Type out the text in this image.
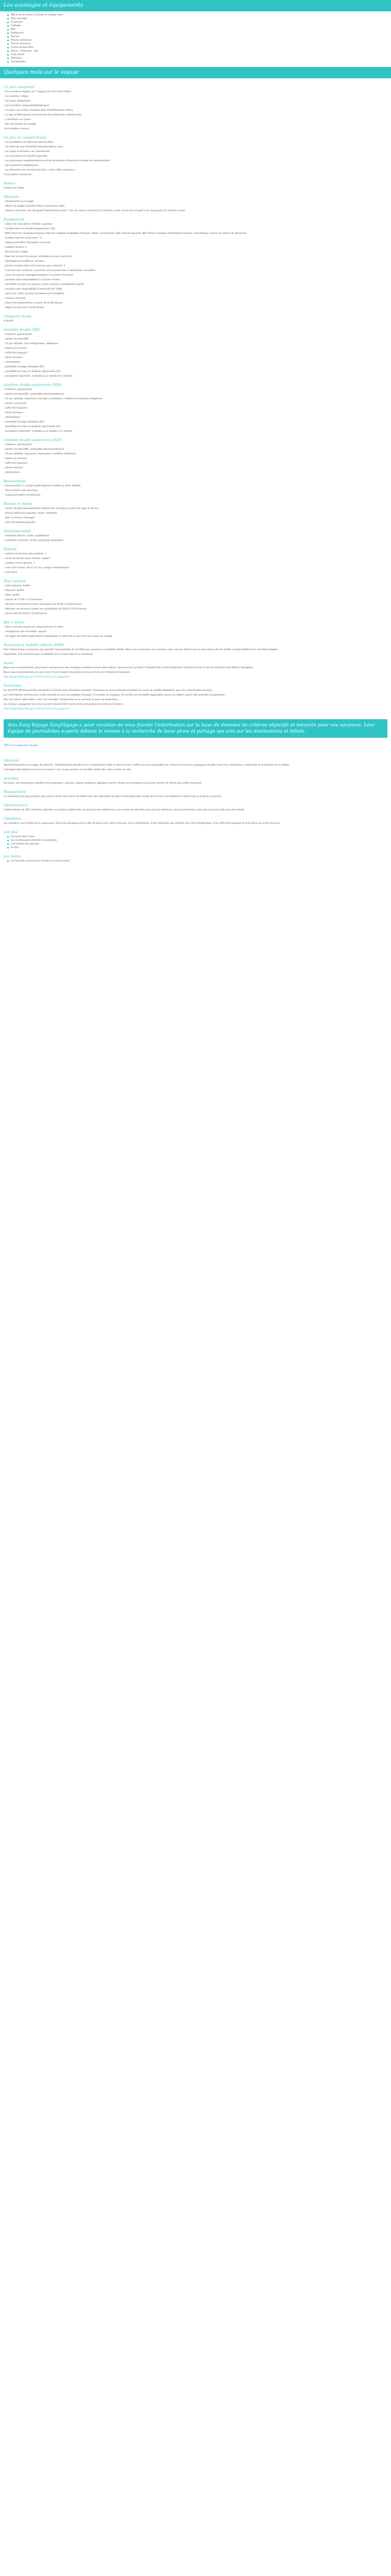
Les avantages et équipements
Wifi & Accès direct à l'Ocean et à Kéwe notel
Dans paysage
Cheminée
Coffrette
Wifi
Restaurant
Piscine
Piscine extérieure
Piscine intérieure
Centre de bien-être
Sauna - Hammam - Spa
Club enfant
Télévision
Climatisation
Quelques mots sur le voyage
Ce prix comprend

- Une humorne réagrée de 7 (hygyer pie entre bien tribel)

- La suelvidur / séjour

- Les taxes obligatoires

- Les transferts aéroport/hôtel/aéroport

- Le séjour de la demi-chambre dans l'établissement retenu

- La type d'hôtel garanti et la formule de restauration sélectionnée,

- L'assistance sur place

- Des documents de voyage

*and mobiles incluses

Ce prix ne comprend pas

- Les prestations et dépenses personnelles

- Les frais liés aux formalités (Identité délai & visa)

- Les repas et boissons non mentionnés

- Les excursions et activités payantes

- Les assurances supplémentaires et frais de location d'éventuel et taxes de consommation

- Les pourboires (obligatoires)

- Les éléments non mentionnés dans « notre offre comprend »

*and mobiles exclusives

Retour

Cadeau de l'hotel

Situation

- directement sur la plage

- affiche du plages et petits réseau communes sable

- distance (environ): de l'aéroport d'Iamaskanea (FUE) 7 km; du centre commercial 3 minutes à pied; de tor ami de golf 2 km; de Jeandia 15 minutes à pied.

Équipement

- nature de conceptions hôtelier: spacieux

- nombre total de chambres/logements: 462

- Wifi (internet): réceptions langues internet à zégales langagées (français, italien, reconnecté); wife internet (payant); WIFI (tous); boutique; distributeur bancaire; discothèque; bureau de remise de dénommé

- nombre total de restaurants : 2

- restaurant buffet / Reception / terrasse

- nombre de bars: 2

- Tarrasse bar / lobby

- Beer bar en bord de piscine (utilisable comme snack bar)

- aménagement extérieur: terrasse

- piscine nombre total (sans bassins pour enfants): 3

- 1 piscine avec solarium, 2 piscines avec parasol bien à disposition, serviettes

- Cours de piscine (aquagymnastique) à la piscine du resort

- parasols (sans disponibilité) à la piscine (hotel)

- serviettes de bain à la piscine (contre caution), changement payant

- parking (sans disponibilité) à proximité de l'hôtel

- cartes de crédit: les plus courantes sont acceptées

- chaises / transats

- heure d'enregistrement: à partir de 14:00 heures

- départ au plus tard: 12:00 heures

Catégorie locale

4 étoiles

chambre double (DZ)

- moderne, spacieux(se)

- salle(s) de bains/WC

- TV par satellite, mini-réfrigérateur, téléphone

- balcon ou terrasse

- coffre-fort (payant)

- sèche-cheveux

- climatisation

- possibilité d'usage individuel (EZ)

- possibilité de mise en situation optionnelle (A3)

- occupation maximale: 3 adultes ou 2 adultes et 2 enfants

chambre double supérieure (DZS)

- moderne, spacieux(se)

- salle(s) de bains/WC, spécialités douche/ambiance

- TV par satellite, chaussons, mini-bar (à sélection), cafetière et bouilloire, téléphone

- balcon ou terrasse

- coffre-fort (payant)

- sèche-cheveux

- climatisation

- possibilité d'usage individuel (EZ)

- possibilité de mise en situation optionnelle (A3)

- occupation maximale: 3 adultes ou 2 adultes et 2 enfants

chambre double supérieure (D2S)

- moderne, spacieux(se)

- salle(s) de bains/WC, spécialités douche/ambiance

- TV par satellite, chaussons, nécessaire à café/thé, téléphone

- balcon ou terrasse

- coffre-fort (payant)

- sèche-cheveux

- climatisation

Restauration

- demi-pension: 1 (compris petit déjeuner (buffet) et dîner (buffet)

- Tout Compris (voir plus bas)

- restaurant buffet, terrasse bar

Remise en forme

- centre de thermalassothérapie (dénommé: terraQua) à partir de l'âge de 16 ans

- piscine intérieure (payant), sauna, hammam

- bain à remous, massages

- soins de beauté (payants)

Divertissements

- animation diurne: variée, quotidienne

- animation nocturne: variée, spectacles quotidiens

Enfants

- nombre de piscines pour enfants: 1

- sèche de bassins pour enfants: séparé

- nombre d'aires de jeux: 1

- mini-club (inclus), de 4 à 12 ans, langue internationale

- mini-disco

Tout compris

- petit déjeuner: buffet

- déjeuner: buffet

- dîner: buffet

- snacks de 11:00 à 17:00 heures

- sélection de boissons locales alcoolisées de 10:00 à 23:00 heures

- sélection de boissons locales non alcoolisées de 10:00 à 23:00 heures

- thé et café de 10:00 à 23:00 heures

Bon à savoir

- tenue correcte requise au restaurant pour le dîner

- changement des serviettes: payant

- les règles de toutes applications s'appliquent au plus tard au plus tard au niveau du voyage

Personnes à mobilité réduite (PMR)

Pour l'instant nous ne pouvons pas garantir l'accessibilité de cet hôtel aux personnes à mobilité réduite. Nous vous remercions de contacter notre service client avant la réservation afin de vérifier la disponibilité d'une chambre adaptée.

Cependant, une chaussée pour la mobilité est en mode séparé sur demande.

Santé

Nous vous recommandons de prendre connaissance des consignes sanitaires avant votre départ. Vous pouvez consulter l'actualité liée à votre destination directement sur le site du ministère des affaires étrangères.

Nous vous recommandons de vous munir d'une trousse de premiers secours et de vos traitements habituels.

http://www.diplomatie.gouv.fr/fr/conseils-aux-voyageurs/

Formalités

Un test PCR officiel peut être demandé à l'arrivée selon l'évolution sanitaire. Passeport ou carte nationale d'identité en cours de validité obligatoire pour les ressortissants français.

Les informations sont fournies à titre indicatif et sont susceptibles d'évoluer. Il incombe au voyageur de vérifier les formalités applicables avant son départ auprès des autorités compétentes.

Pour les autres nationalités, merci de consulter l'ambassade ou le consulat du pays de destination.

Les mineurs voyageant sans leurs parents doivent être munis d'une autorisation de sortie du territoire.

http://www.diplomatie.gouv.fr/fr/conseils-aux-voyageurs/

Avis Easy Voyage EasyVoyage a pour vocation de vous fournir l'information sur la base de données de critères objectifs et mesurés pour vos vacances. Leur équipe de journalistes experts éditent le monde à la recherche de bons plans et partage ses avis sur les destinations et hôtels.

*PDF de la page Easy Voyage

Situation

Situé directement sur la plage de sable fin, l'établissement bénéficie d'un emplacement idéal en bord de mer. Il offre une vue imprenable sur l'océan et se trouve à quelques minutes à pied des commerces, restaurants et animations de la station.

L'aéroport international se trouve à environ 7 km, ce qui permet un transfert rapide dès votre arrivée sur l'île.

Activités

Sur place, de nombreuses activités sont proposées : piscines, sports nautiques, aquagym, tennis, fitness et animations en journée comme en soirée pour petits et grands.

Restauration

Le restaurant principal propose une cuisine variée sous forme de buffet avec des spécialités locales et internationales, tandis que les bars accueillent les clients tout au long de la journée.

Infrastructure

L'hôtel dispose de 462 chambres réparties sur plusieurs bâtiments, de trois piscines extérieures, d'un centre de bien-être avec piscine intérieure, sauna et hammam, ainsi que d'un mini-club pour les enfants.

Chambres

Les chambres sont modernes et spacieuses. Elles sont équipées d'une salle de bains avec sèche-cheveux, de la climatisation, d'une télévision par satellite, d'un mini-réfrigérateur, d'un coffre-fort (payant) et d'un balcon ou d'une terrasse.

Les plus
Les pieds dans l'eau
Les nombreuses activités et animations
L'ensemble des piscines
Le spa
Les moins
Les transats souvent pris d'assaut en haute saison
